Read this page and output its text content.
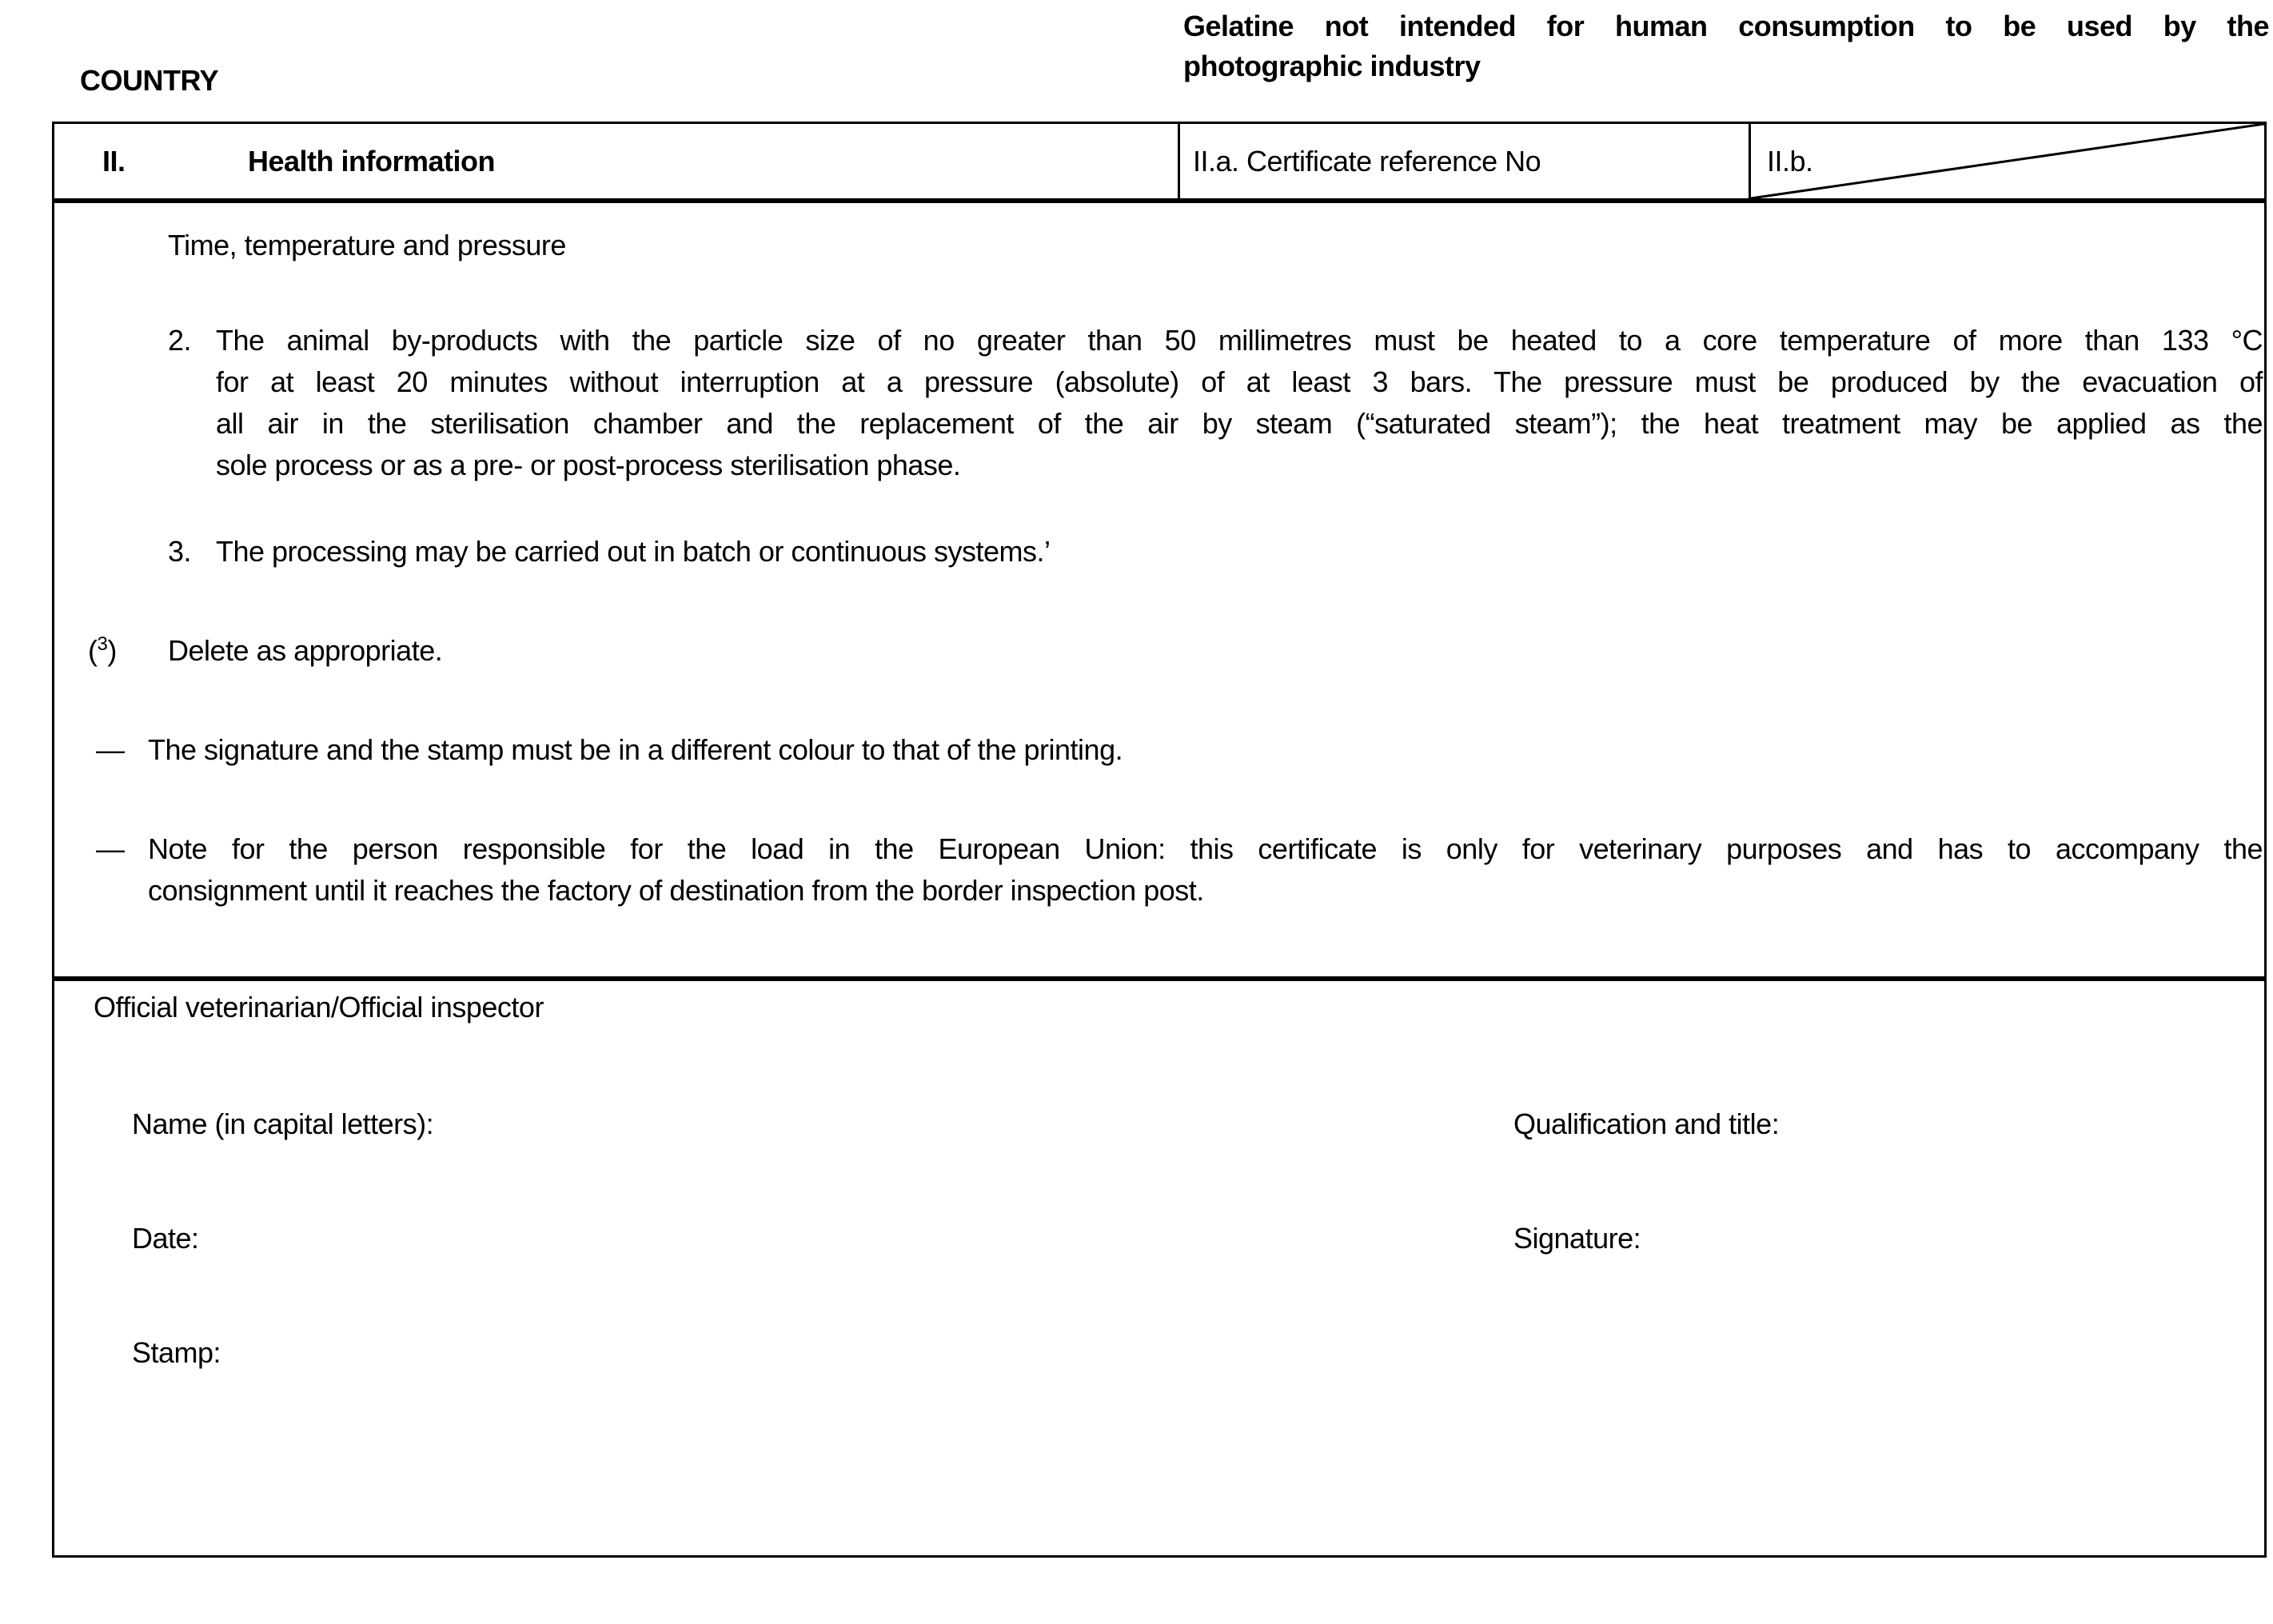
COUNTRY
Gelatine not intended for human consumption to be used by the
photographic industry
II.	Health information	II.a. Certificate reference No	II.b.
Time, temperature and pressure
2. The animal by-products with the particle size of no greater than 50 millimetres must be heated to a core temperature of more than 133 °C
for at least 20 minutes without interruption at a pressure (absolute) of at least 3 bars. The pressure must be produced by the evacuation of
all air in the sterilisation chamber and the replacement of the air by steam (“saturated steam”); the heat treatment may be applied as the
sole process or as a pre- or post-process sterilisation phase.
3. The processing may be carried out in batch or continuous systems.’
($^3$)	Delete as appropriate.
— The signature and the stamp must be in a different colour to that of the printing.
— Note for the person responsible for the load in the European Union: this certificate is only for veterinary purposes and has to accompany the
consignment until it reaches the factory of destination from the border inspection post.
Official veterinarian/Official inspector
Name (in capital letters):	Qualification and title:
Date:	Signature:
Stamp:
